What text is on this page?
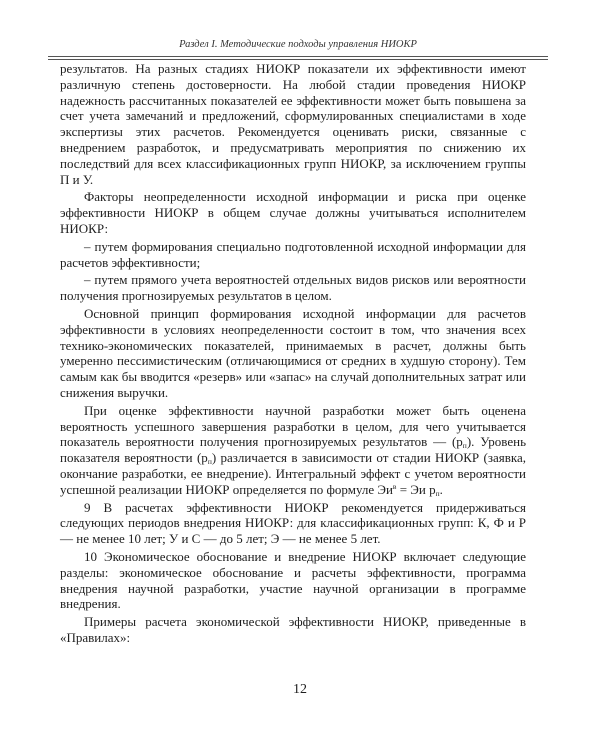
Раздел I. Методические подходы управления НИОКР

результатов. На разных стадиях НИОКР показатели их эффективности имеют различную степень достоверности. На любой стадии проведения НИОКР надежность рассчитанных показателей ее эффективности может быть повышена за счет учета замечаний и предложений, сформулированных специалистами в ходе экспертизы этих расчетов. Рекомендуется оценивать риски, связанные с внедрением разработок, и предусматривать мероприятия по снижению их последствий для всех классификационных групп НИОКР, за исключением группы П и У.

Факторы неопределенности исходной информации и риска при оценке эффективности НИОКР в общем случае должны учитываться исполнителем НИОКР:

– путем формирования специально подготовленной исходной информации для расчетов эффективности;

– путем прямого учета вероятностей отдельных видов рисков или вероятности получения прогнозируемых результатов в целом.

Основной принцип формирования исходной информации для расчетов эффективности в условиях неопределенности состоит в том, что значения всех технико-экономических показателей, принимаемых в расчет, должны быть умеренно пессимистическим (отличающимися от средних в худшую сторону). Тем самым как бы вводится «резерв» или «запас» на случай дополнительных затрат или снижения выручки.

При оценке эффективности научной разработки может быть оценена вероятность успешного завершения разработки в целом, для чего учитывается показатель вероятности получения прогнозируемых результатов — $(р_п)$. Уровень показателя вероятности $(р_п)$ различается в зависимости от стадии НИОКР (заявка, окончание разработки, ее внедрение). Интегральный эффект с учетом вероятности успешной реализации НИОКР определяется по формуле $Эи^в$ = Эи $р_п$.

9 В расчетах эффективности НИОКР рекомендуется придерживаться следующих периодов внедрения НИОКР: для классификационных групп: К, Ф и Р — не менее 10 лет; У и С — до 5 лет; Э — не менее 5 лет.

10 Экономическое обоснование и внедрение НИОКР включает следующие разделы: экономическое обоснование и расчеты эффективности, программа внедрения научной разработки, участие научной организации в программе внедрения.

Примеры расчета экономической эффективности НИОКР, приведенные в «Правилах»:

12
